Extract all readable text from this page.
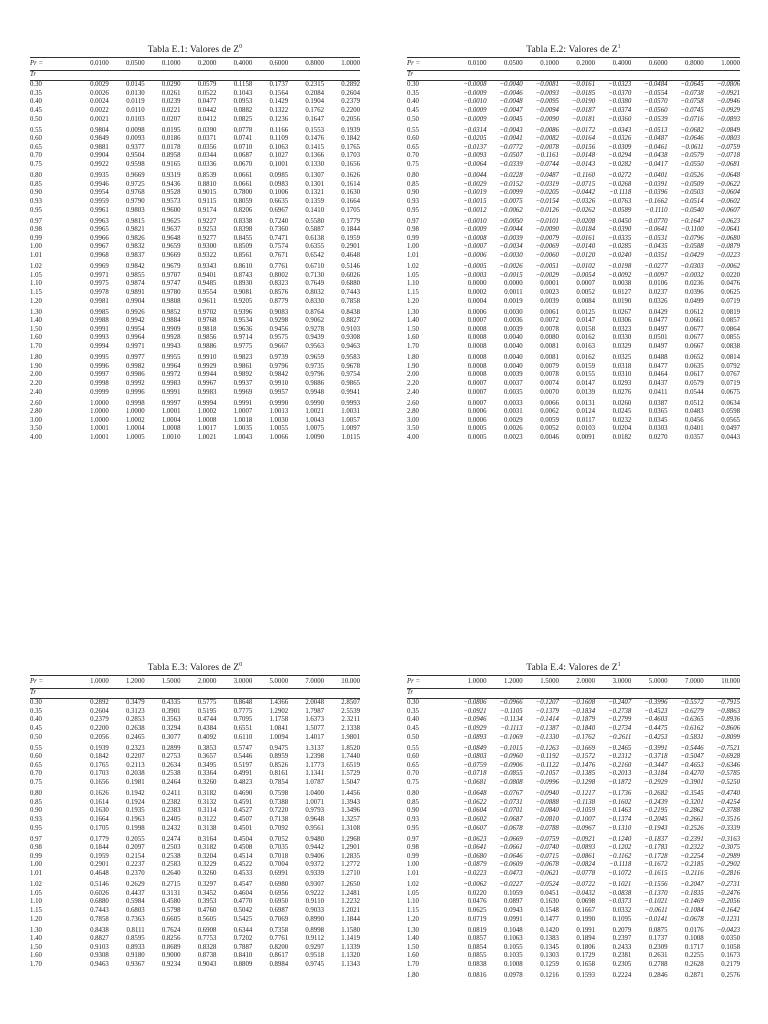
Tabla E.1: Valores de $Z^0$
Pr =	0.0100	0.0500	0.1000	0.2000	0.4000	0.6000	0.8000	1.0000
Tr								
0.30	0.0029	0.0145	0.0290	0.0579	0.1158	0.1737	0.2315	0.2892
0.35	0.0026	0.0130	0.0261	0.0522	0.1043	0.1564	0.2084	0.2604
0.40	0.0024	0.0119	0.0239	0.0477	0.0953	0.1429	0.1904	0.2379
0.45	0.0022	0.0110	0.0221	0.0442	0.0882	0.1322	0.1762	0.2200
0.50	0.0021	0.0103	0.0207	0.0412	0.0825	0.1236	0.1647	0.2056
0.55	0.9804	0.0098	0.0195	0.0390	0.0778	0.1166	0.1553	0.1939
0.60	0.9849	0.0093	0.0186	0.0371	0.0741	0.1109	0.1476	0.1842
0.65	0.9881	0.9377	0.0178	0.0356	0.0710	0.1063	0.1415	0.1765
0.70	0.9904	0.9504	0.8958	0.0344	0.0687	0.1027	0.1366	0.1703
0.75	0.9922	0.9598	0.9165	0.0336	0.0670	0.1001	0.1330	0.1656
0.80	0.9935	0.9669	0.9319	0.8539	0.0661	0.0985	0.1307	0.1626
0.85	0.9946	0.9725	0.9436	0.8810	0.0661	0.0983	0.1301	0.1614
0.90	0.9954	0.9768	0.9528	0.9015	0.7800	0.1006	0.1321	0.1630
0.93	0.9959	0.9790	0.9573	0.9115	0.8059	0.6635	0.1359	0.1664
0.95	0.9961	0.9803	0.9600	0.9174	0.8206	0.6967	0.1410	0.1705
0.97	0.9963	0.9815	0.9625	0.9227	0.8338	0.7240	0.5580	0.1779
0.98	0.9965	0.9821	0.9637	0.9253	0.8398	0.7360	0.5887	0.1844
0.99	0.9966	0.9826	0.9648	0.9277	0.8455	0.7471	0.6138	0.1959
1.00	0.9967	0.9832	0.9659	0.9300	0.8509	0.7574	0.6355	0.2901
1.01	0.9968	0.9837	0.9669	0.9322	0.8561	0.7671	0.6542	0.4648
1.02	0.9969	0.9842	0.9679	0.9343	0.8610	0.7761	0.6710	0.5146
1.05	0.9971	0.9855	0.9707	0.9401	0.8743	0.8002	0.7130	0.6026
1.10	0.9975	0.9874	0.9747	0.9485	0.8930	0.8323	0.7649	0.6880
1.15	0.9978	0.9891	0.9780	0.9554	0.9081	0.8576	0.8032	0.7443
1.20	0.9981	0.9904	0.9808	0.9611	0.9205	0.8779	0.8330	0.7858
1.30	0.9985	0.9926	0.9852	0.9702	0.9396	0.9083	0.8764	0.8438
1.40	0.9988	0.9942	0.9884	0.9768	0.9534	0.9298	0.9062	0.8827
1.50	0.9991	0.9954	0.9909	0.9818	0.9636	0.9456	0.9278	0.9103
1.60	0.9993	0.9964	0.9928	0.9856	0.9714	0.9575	0.9439	0.9308
1.70	0.9994	0.9971	0.9943	0.9886	0.9775	0.9667	0.9563	0.9463
1.80	0.9995	0.9977	0.9955	0.9910	0.9823	0.9739	0.9659	0.9583
1.90	0.9996	0.9982	0.9964	0.9929	0.9861	0.9796	0.9735	0.9678
2.00	0.9997	0.9986	0.9972	0.9944	0.9892	0.9842	0.9796	0.9754
2.20	0.9998	0.9992	0.9983	0.9967	0.9937	0.9910	0.9886	0.9865
2.40	0.9999	0.9996	0.9991	0.9983	0.9969	0.9957	0.9948	0.9941
2.60	1.0000	0.9998	0.9997	0.9994	0.9991	0.9990	0.9990	0.9993
2.80	1.0000	1.0000	1.0001	1.0002	1.0007	1.0013	1.0021	1.0031
3.00	1.0000	1.0002	1.0004	1.0008	1.0018	1.0030	1.0043	1.0057
3.50	1.0001	1.0004	1.0008	1.0017	1.0035	1.0055	1.0075	1.0097
4.00	1.0001	1.0005	1.0010	1.0021	1.0043	1.0066	1.0090	1.0115
Tabla E.2: Valores de $Z^1$
Pr =	0.0100	0.0500	0.1000	0.2000	0.4000	0.6000	0.8000	1.0000
Tr								
0.30	−0.0008	−0.0040	−0.0081	−0.0161	−0.0323	−0.0484	−0.0645	−0.0806
0.35	−0.0009	−0.0046	−0.0093	−0.0185	−0.0370	−0.0554	−0.0738	−0.0921
0.40	−0.0010	−0.0048	−0.0095	−0.0190	−0.0380	−0.0570	−0.0758	−0.0946
0.45	−0.0009	−0.0047	−0.0094	−0.0187	−0.0374	−0.0560	−0.0745	−0.0929
0.50	−0.0009	−0.0045	−0.0090	−0.0181	−0.0360	−0.0539	−0.0716	−0.0893
0.55	−0.0314	−0.0043	−0.0086	−0.0172	−0.0343	−0.0513	−0.0682	−0.0849
0.60	−0.0205	−0.0041	−0.0082	−0.0164	−0.0326	−0.0487	−0.0646	−0.0803
0.65	−0.0137	−0.0772	−0.0078	−0.0156	−0.0309	−0.0461	−0.0611	−0.0759
0.70	−0.0093	−0.0507	−0.1161	−0.0148	−0.0294	−0.0438	−0.0579	−0.0718
0.75	−0.0064	−0.0339	−0.0744	−0.0143	−0.0282	−0.0417	−0.0550	−0.0681
0.80	−0.0044	−0.0228	−0.0487	−0.1160	−0.0272	−0.0401	−0.0526	−0.0648
0.85	−0.0029	−0.0152	−0.0319	−0.0715	−0.0268	−0.0391	−0.0509	−0.0622
0.90	−0.0019	−0.0099	−0.0205	−0.0442	−0.1118	−0.0396	−0.0503	−0.0604
0.93	−0.0015	−0.0075	−0.0154	−0.0326	−0.0763	−0.1662	−0.0514	−0.0602
0.95	−0.0012	−0.0062	−0.0126	−0.0262	−0.0589	−0.1110	−0.0540	−0.0607
0.97	−0.0010	−0.0050	−0.0101	−0.0208	−0.0450	−0.0770	−0.1647	−0.0623
0.98	−0.0009	−0.0044	−0.0090	−0.0184	−0.0390	−0.0641	−0.1100	−0.0641
0.99	−0.0008	−0.0039	−0.0079	−0.0161	−0.0335	−0.0531	−0.0796	−0.0680
1.00	−0.0007	−0.0034	−0.0069	−0.0140	−0.0285	−0.0435	−0.0588	−0.0879
1.01	−0.0006	−0.0030	−0.0060	−0.0120	−0.0240	−0.0351	−0.0429	−0.0223
1.02	−0.0005	−0.0026	−0.0051	−0.0102	−0.0198	−0.0277	−0.0303	−0.0062
1.05	−0.0003	−0.0015	−0.0029	−0.0054	−0.0092	−0.0097	−0.0032	0.0220
1.10	0.0000	0.0000	0.0001	0.0007	0.0038	0.0106	0.0236	0.0476
1.15	0.0002	0.0011	0.0023	0.0052	0.0127	0.0237	0.0396	0.0625
1.20	0.0004	0.0019	0.0039	0.0084	0.0190	0.0326	0.0499	0.0719
1.30	0.0006	0.0030	0.0061	0.0125	0.0267	0.0429	0.0612	0.0819
1.40	0.0007	0.0036	0.0072	0.0147	0.0306	0.0477	0.0661	0.0857
1.50	0.0008	0.0039	0.0078	0.0158	0.0323	0.0497	0.0677	0.0864
1.60	0.0008	0.0040	0.0080	0.0162	0.0330	0.0501	0.0677	0.0855
1.70	0.0008	0.0040	0.0081	0.0163	0.0329	0.0497	0.0667	0.0838
1.80	0.0008	0.0040	0.0081	0.0162	0.0325	0.0488	0.0652	0.0814
1.90	0.0008	0.0040	0.0079	0.0159	0.0318	0.0477	0.0635	0.0792
2.00	0.0008	0.0039	0.0078	0.0155	0.0310	0.0464	0.0617	0.0767
2.20	0.0007	0.0037	0.0074	0.0147	0.0293	0.0437	0.0579	0.0719
2.40	0.0007	0.0035	0.0070	0.0139	0.0276	0.0411	0.0544	0.0675
2.60	0.0007	0.0033	0.0066	0.0131	0.0260	0.0387	0.0512	0.0634
2.80	0.0006	0.0031	0.0062	0.0124	0.0245	0.0365	0.0483	0.0598
3.00	0.0006	0.0029	0.0059	0.0117	0.0232	0.0345	0.0456	0.0565
3.50	0.0005	0.0026	0.0052	0.0103	0.0204	0.0303	0.0401	0.0497
4.00	0.0005	0.0023	0.0046	0.0091	0.0182	0.0270	0.0357	0.0443
Tabla E.3: Valores de $Z^0$
Pr =	1.0000	1.2000	1.5000	2.0000	3.0000	5.0000	7.0000	10.000
Tr								
0.30	0.2892	0.3479	0.4335	0.5775	0.8648	1.4366	2.0048	2.8507
0.35	0.2604	0.3123	0.3901	0.5195	0.7775	1.2902	1.7987	2.5539
0.40	0.2379	0.2853	0.3563	0.4744	0.7095	1.1758	1.6373	2.3211
0.45	0.2200	0.2638	0.3294	0.4384	0.6551	1.0841	1.5077	2.1338
0.50	0.2056	0.2465	0.3077	0.4092	0.6110	1.0094	1.4017	1.9801
0.55	0.1939	0.2323	0.2899	0.3853	0.5747	0.9475	1.3137	1.8520
0.60	0.1842	0.2207	0.2753	0.3657	0.5446	0.8959	1.2398	1.7440
0.65	0.1765	0.2113	0.2634	0.3495	0.5197	0.8526	1.1773	1.6519
0.70	0.1703	0.2038	0.2538	0.3364	0.4991	0.8161	1.1341	1.5729
0.75	0.1656	0.1981	0.2464	0.3260	0.4823	0.7854	1.0787	1.5047
0.80	0.1626	0.1942	0.2411	0.3182	0.4690	0.7598	1.0400	1.4456
0.85	0.1614	0.1924	0.2382	0.3132	0.4591	0.7388	1.0071	1.3943
0.90	0.1630	0.1935	0.2383	0.3114	0.4527	0.7220	0.9793	1.3496
0.93	0.1664	0.1963	0.2405	0.3122	0.4507	0.7138	0.9648	1.3257
0.95	0.1705	0.1998	0.2432	0.3138	0.4501	0.7092	0.9561	1.3108
0.97	0.1779	0.2055	0.2474	0.3164	0.4504	0.7052	0.9480	1.2968
0.98	0.1844	0.2097	0.2503	0.3182	0.4508	0.7035	0.9442	1.2901
0.99	0.1959	0.2154	0.2538	0.3204	0.4514	0.7018	0.9406	1.2835
1.00	0.2901	0.2237	0.2583	0.3229	0.4522	0.7004	0.9372	1.2772
1.01	0.4648	0.2370	0.2640	0.3260	0.4533	0.6991	0.9339	1.2710
1.02	0.5146	0.2629	0.2715	0.3297	0.4547	0.6980	0.9307	1.2650
1.05	0.6026	0.4437	0.3131	0.3452	0.4604	0.6956	0.9222	1.2481
1.10	0.6880	0.5984	0.4580	0.3953	0.4770	0.6950	0.9110	1.2232
1.15	0.7443	0.6803	0.5798	0.4760	0.5042	0.6987	0.9033	1.2021
1.20	0.7858	0.7363	0.6605	0.5605	0.5425	0.7069	0.8990	1.1844
1.30	0.8438	0.8111	0.7624	0.6908	0.6344	0.7358	0.8998	1.1580
1.40	0.8827	0.8595	0.8256	0.7753	0.7202	0.7761	0.9112	1.1419
1.50	0.9103	0.8933	0.8689	0.8328	0.7887	0.8200	0.9297	1.1339
1.60	0.9308	0.9180	0.9000	0.8738	0.8410	0.8617	0.9518	1.1320
1.70	0.9463	0.9367	0.9234	0.9043	0.8809	0.8984	0.9745	1.1343
Tabla E.4: Valores de $Z^1$
Pr =	1.0000	1.2000	1.5000	2.0000	3.0000	5.0000	7.0000	10.000
Tr								
0.30	−0.0806	−0.0966	−0.1207	−0.1608	−0.2407	−0.3996	−0.5572	−0.7915
0.35	−0.0921	−0.1105	−0.1379	−0.1834	−0.2738	−0.4523	−0.6279	−0.8863
0.40	−0.0946	−0.1134	−0.1414	−0.1879	−0.2799	−0.4603	−0.6365	−0.8936
0.45	−0.0929	−0.1113	−0.1387	−0.1840	−0.2734	−0.4475	−0.6162	−0.8606
0.50	−0.0893	−0.1069	−0.1330	−0.1762	−0.2611	−0.4253	−0.5831	−0.8099
0.55	−0.0849	−0.1015	−0.1263	−0.1669	−0.2465	−0.3991	−0.5446	−0.7521
0.60	−0.0803	−0.0960	−0.1192	−0.1572	−0.2312	−0.3718	−0.5047	−0.6928
0.65	−0.0759	−0.0906	−0.1122	−0.1476	−0.2160	−0.3447	−0.4653	−0.6346
0.70	−0.0718	−0.0855	−0.1057	−0.1385	−0.2013	−0.3184	−0.4270	−0.5785
0.75	−0.0681	−0.0808	−0.0996	−0.1298	−0.1872	−0.2929	−0.3901	−0.5250
0.80	−0.0648	−0.0767	−0.0940	−0.1217	−0.1736	−0.2682	−0.3545	−0.4740
0.85	−0.0622	−0.0731	−0.0888	−0.1138	−0.1602	−0.2439	−0.3201	−0.4254
0.90	−0.0604	−0.0701	−0.0840	−0.1059	−0.1463	−0.2195	−0.2862	−0.3788
0.93	−0.0602	−0.0687	−0.0810	−0.1007	−0.1374	−0.2045	−0.2661	−0.3516
0.95	−0.0607	−0.0678	−0.0788	−0.0967	−0.1310	−0.1943	−0.2526	−0.3339
0.97	−0.0623	−0.0669	−0.0759	−0.0921	−0.1240	−0.1837	−0.2391	−0.3163
0.98	−0.0641	−0.0661	−0.0740	−0.0893	−0.1202	−0.1783	−0.2322	−0.3075
0.99	−0.0680	−0.0646	−0.0715	−0.0861	−0.1162	−0.1728	−0.2254	−0.2989
1.00	−0.0879	−0.0609	−0.0678	−0.0824	−0.1118	−0.1672	−0.2185	−0.2902
1.01	−0.0223	−0.0473	−0.0621	−0.0778	−0.1072	−0.1615	−0.2116	−0.2816
1.02	−0.0062	−0.0227	−0.0524	−0.0722	−0.1021	−0.1556	−0.2047	−0.2731
1.05	0.0220	0.1059	0.0451	−0.0432	−0.0838	−0.1370	−0.1835	−0.2476
1.10	0.0476	0.0897	0.1630	0.0698	−0.0373	−0.1021	−0.1469	−0.2056
1.15	0.0625	0.0943	0.1548	0.1667	0.0332	−0.0611	−0.1084	−0.1642
1.20	0.0719	0.0991	0.1477	0.1990	0.1095	−0.0141	−0.0678	−0.1231
1.30	0.0819	0.1048	0.1420	0.1991	0.2079	0.0875	0.0176	−0.0423
1.40	0.0857	0.1063	0.1383	0.1894	0.2397	0.1737	0.1008	0.0350
1.50	0.0854	0.1055	0.1345	0.1806	0.2433	0.2309	0.1717	0.1058
1.60	0.0855	0.1035	0.1303	0.1729	0.2381	0.2631	0.2255	0.1673
1.70	0.0838	0.1008	0.1259	0.1658	0.2305	0.2788	0.2628	0.2179
1.80	0.0816	0.0978	0.1216	0.1593	0.2224	0.2846	0.2871	0.2576
